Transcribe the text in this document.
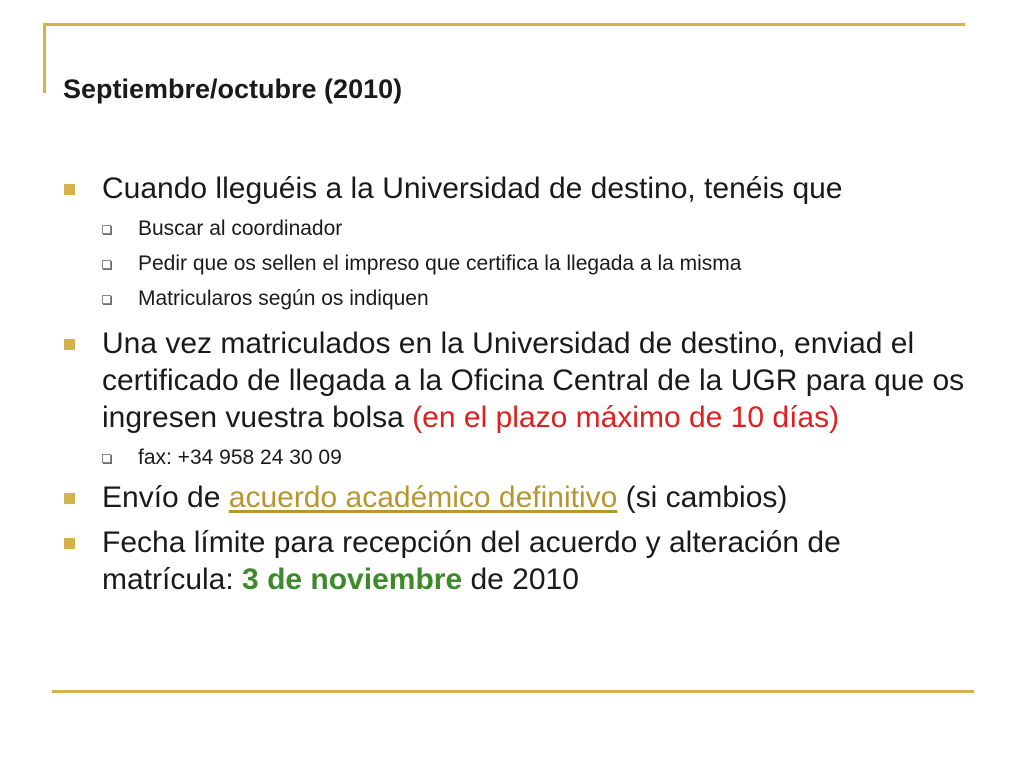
Septiembre/octubre (2010)
Cuando lleguéis a la Universidad de destino, tenéis que
Buscar al coordinador
Pedir que os sellen el impreso que certifica la llegada a la misma
Matricularos según os indiquen
Una vez matriculados en la Universidad de destino, enviad el certificado de llegada a la Oficina Central de la UGR para que os ingresen vuestra bolsa (en el plazo máximo de 10 días)
fax: +34 958 24 30 09
Envío de acuerdo académico definitivo (si cambios)
Fecha límite para recepción del acuerdo y alteración de matrícula: 3 de noviembre de 2010
